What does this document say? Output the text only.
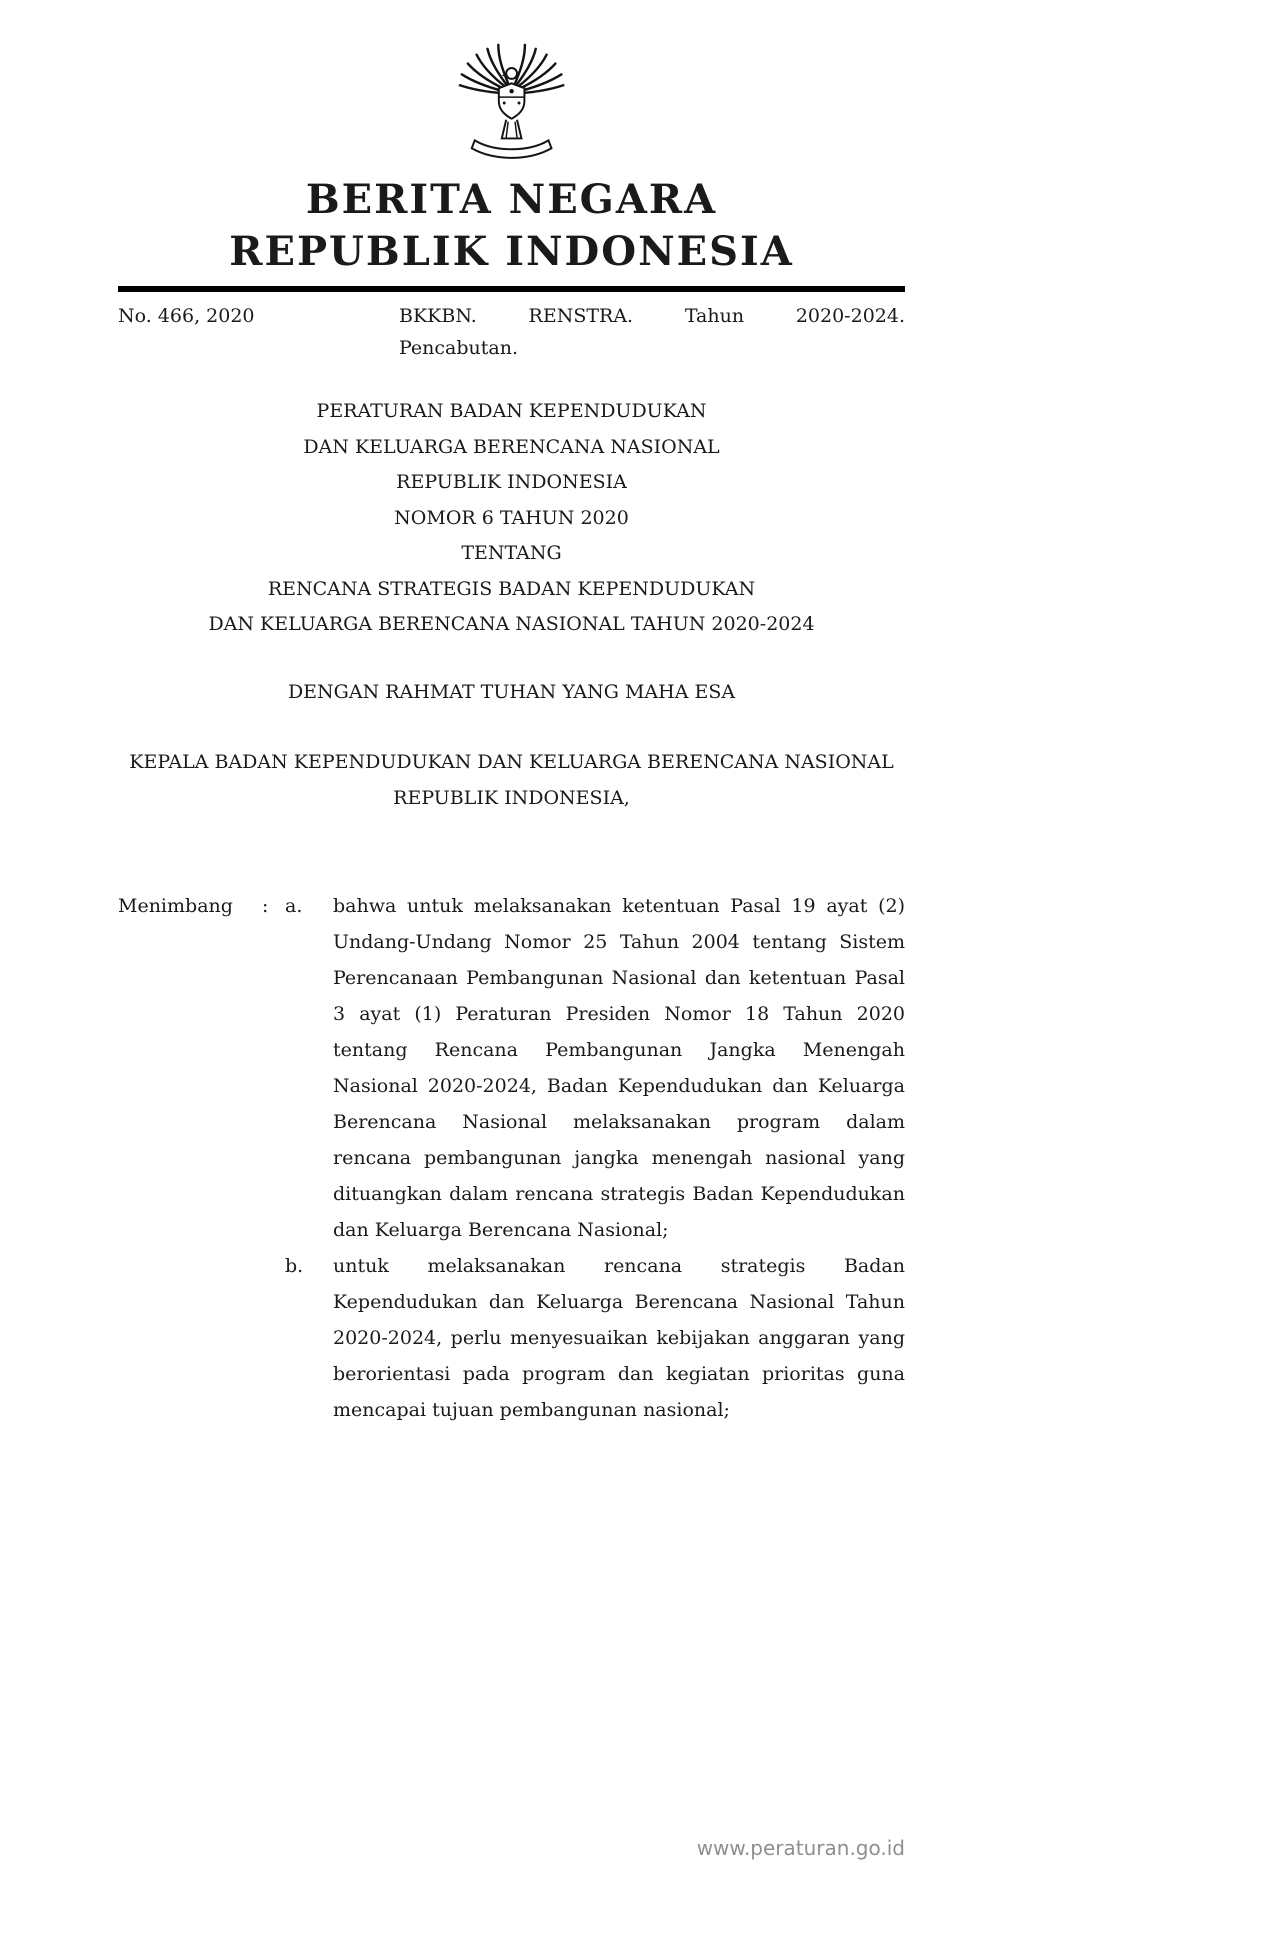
BERITA NEGARA
REPUBLIK INDONESIA
No. 466, 2020	BKKBN. RENSTRA. Tahun 2020-2024.
Pencabutan.
PERATURAN BADAN KEPENDUDUKAN
DAN KELUARGA BERENCANA NASIONAL
REPUBLIK INDONESIA
NOMOR 6 TAHUN 2020
TENTANG
RENCANA STRATEGIS BADAN KEPENDUDUKAN
DAN KELUARGA BERENCANA NASIONAL TAHUN 2020-2024
DENGAN RAHMAT TUHAN YANG MAHA ESA
KEPALA BADAN KEPENDUDUKAN DAN KELUARGA BERENCANA NASIONAL
REPUBLIK INDONESIA,
Menimbang	: a.	bahwa untuk melaksanakan ketentuan Pasal 19 ayat (2) Undang-Undang Nomor 25 Tahun 2004 tentang Sistem Perencanaan Pembangunan Nasional dan ketentuan Pasal 3 ayat (1) Peraturan Presiden Nomor 18 Tahun 2020 tentang Rencana Pembangunan Jangka Menengah Nasional 2020-2024, Badan Kependudukan dan Keluarga Berencana Nasional melaksanakan program dalam rencana pembangunan jangka menengah nasional yang dituangkan dalam rencana strategis Badan Kependudukan dan Keluarga Berencana Nasional;
b.	untuk melaksanakan rencana strategis Badan Kependudukan dan Keluarga Berencana Nasional Tahun 2020-2024, perlu menyesuaikan kebijakan anggaran yang berorientasi pada program dan kegiatan prioritas guna mencapai tujuan pembangunan nasional;
www.peraturan.go.id
